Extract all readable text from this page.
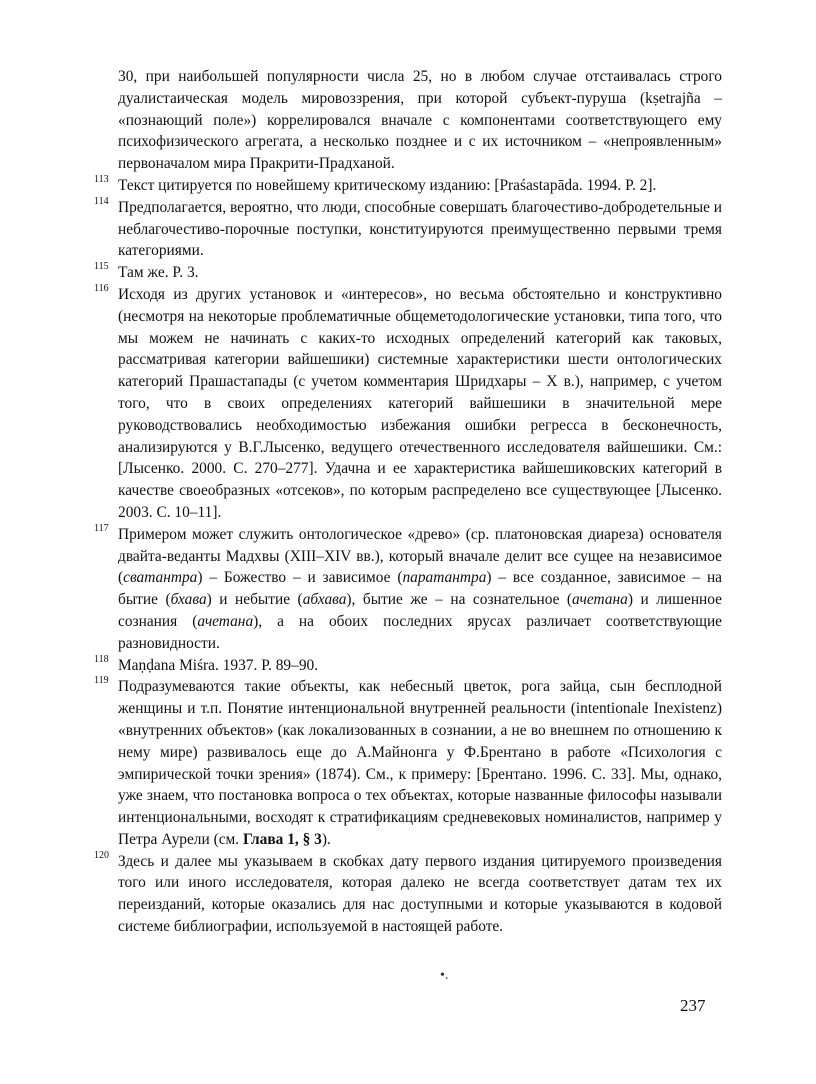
30, при наибольшей популярности числа 25, но в любом случае отстаивалась строго дуалистаическая модель мировоззрения, при которой субъект-пуруша (kṣetrajña – «познающий поле») коррелировался вначале с компонентами соответствующего ему психофизического агрегата, а несколько позднее и с их источником – «непроявленным» первоначалом мира Пракрити-Прадханой.
113 Текст цитируется по новейшему критическому изданию: [Praśastapāda. 1994. P. 2].
114 Предполагается, вероятно, что люди, способные совершать благочестиво-добродетельные и неблагочестиво-порочные поступки, конституируются преимущественно первыми тремя категориями.
115 Там же. P. 3.
116 Исходя из других установок и «интересов», но весьма обстоятельно и конструктивно (несмотря на некоторые проблематичные общеметодологические установки, типа того, что мы можем не начинать с каких-то исходных определений категорий как таковых, рассматривая категории вайшешики) системные характеристики шести онтологических категорий Прашастапады (с учетом комментария Шридхары – X в.), например, с учетом того, что в своих определениях категорий вайшешики в значительной мере руководствовались необходимостью избежания ошибки регресса в бесконечность, анализируются у В.Г.Лысенко, ведущего отечественного исследователя вайшешики. См.: [Лысенко. 2000. С. 270–277]. Удачна и ее характеристика вайшешиковских категорий в качестве своеобразных «отсеков», по которым распределено все существующее [Лысенко. 2003. С. 10–11].
117 Примером может служить онтологическое «древо» (ср. платоновская диарезa) основателя двайта-веданты Мадхвы (XIII–XIV вв.), который вначале делит все сущее на независимое (сватантра) – Божество – и зависимое (паратантра) – все созданное, зависимое – на бытие (бхава) и небытие (абхава), бытие же – на сознательное (ачетана) и лишенное сознания (ачетана), а на обоих последних ярусах различает соответствующие разновидности.
118 Maṇḍana Miśra. 1937. P. 89–90.
119 Подразумеваются такие объекты, как небесный цветок, рога зайца, сын бесплодной женщины и т.п. Понятие интенциональной внутренней реальности (intentionale Inexistenz) «внутренних объектов» (как локализованных в сознании, а не во внешнем по отношению к нему мире) развивалось еще до А.Майнонга у Ф.Брентано в работе «Психология с эмпирической точки зрения» (1874). См., к примеру: [Брентано. 1996. С. 33]. Мы, однако, уже знаем, что постановка вопроса о тех объектах, которые названные философы называли интенциональными, восходят к стратификациям средневековых номиналистов, например у Петра Аурели (см. Глава 1, § 3).
120 Здесь и далее мы указываем в скобках дату первого издания цитируемого произведения того или иного исследователя, которая далеко не всегда соответствует датам тех их переизданий, которые оказались для нас доступными и которые указываются в кодовой системе библиографии, используемой в настоящей работе.
•.
237
